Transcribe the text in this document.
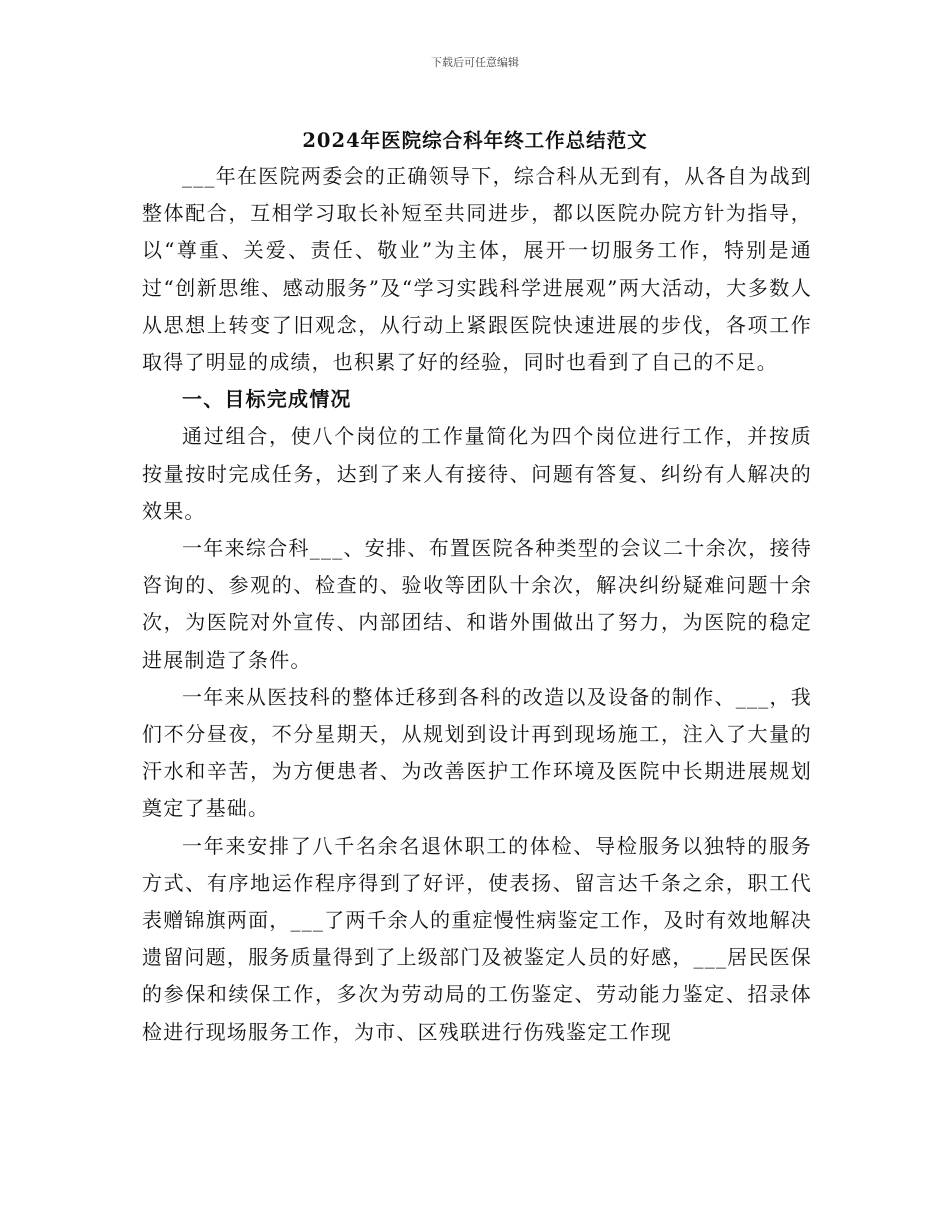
下载后可任意编辑
2024年医院综合科年终工作总结范文

___年在医院两委会的正确领导下，综合科从无到有，从各自为战到整体配合，互相学习取长补短至共同进步，都以医院办院方针为指导，以“尊重、关爱、责任、敬业”为主体，展开一切服务工作，特别是通过“创新思维、感动服务”及“学习实践科学进展观”两大活动，大多数人从思想上转变了旧观念，从行动上紧跟医院快速进展的步伐，各项工作取得了明显的成绩，也积累了好的经验，同时也看到了自己的不足。

一、目标完成情况

通过组合，使八个岗位的工作量简化为四个岗位进行工作，并按质按量按时完成任务，达到了来人有接待、问题有答复、纠纷有人解决的效果。

一年来综合科___、安排、布置医院各种类型的会议二十余次，接待咨询的、参观的、检查的、验收等团队十余次，解决纠纷疑难问题十余次，为医院对外宣传、内部团结、和谐外围做出了努力，为医院的稳定进展制造了条件。

一年来从医技科的整体迁移到各科的改造以及设备的制作、___，我们不分昼夜，不分星期天，从规划到设计再到现场施工，注入了大量的汗水和辛苦，为方便患者、为改善医护工作环境及医院中长期进展规划奠定了基础。

一年来安排了八千名余名退休职工的体检、导检服务以独特的服务方式、有序地运作程序得到了好评，使表扬、留言达千条之余，职工代表赠锦旗两面，___了两千余人的重症慢性病鉴定工作，及时有效地解决遗留问题，服务质量得到了上级部门及被鉴定人员的好感，___居民医保的参保和续保工作，多次为劳动局的工伤鉴定、劳动能力鉴定、招录体检进行现场服务工作，为市、区残联进行伤残鉴定工作现
